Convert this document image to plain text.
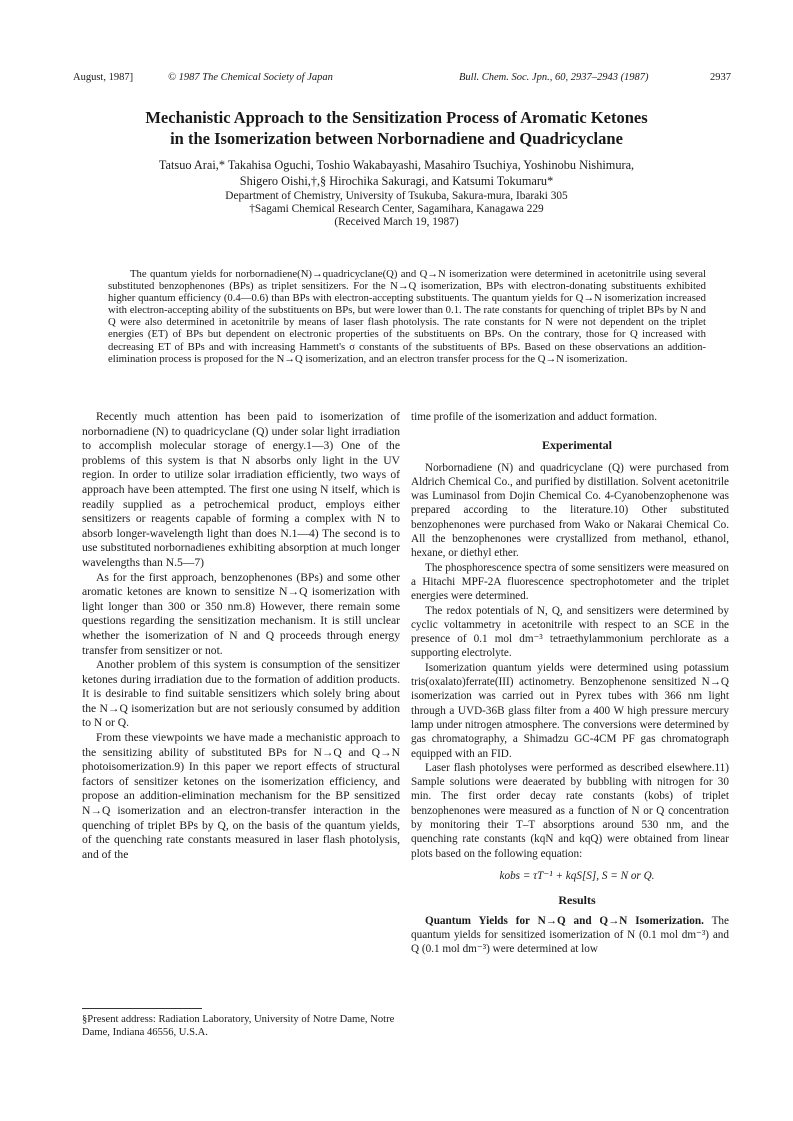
August, 1987]	© 1987 The Chemical Society of Japan	Bull. Chem. Soc. Jpn., 60, 2937–2943 (1987)	2937
Mechanistic Approach to the Sensitization Process of Aromatic Ketones
in the Isomerization between Norbornadiene and Quadricyclane
Tatsuo Arai,* Takahisa Oguchi, Toshio Wakabayashi, Masahiro Tsuchiya, Yoshinobu Nishimura,
Shigero Oishi,†,§ Hirochika Sakuragi, and Katsumi Tokumaru*
Department of Chemistry, University of Tsukuba, Sakura-mura, Ibaraki 305
†Sagami Chemical Research Center, Sagamihara, Kanagawa 229
(Received March 19, 1987)

The quantum yields for norbornadiene(N)→quadricyclane(Q) and Q→N isomerization were determined in acetonitrile using several substituted benzophenones (BPs) as triplet sensitizers. For the N→Q isomerization, BPs with electron-donating substituents exhibited higher quantum efficiency (0.4—0.6) than BPs with electron-accepting substituents. The quantum yields for Q→N isomerization increased with electron-accepting ability of the substituents on BPs, but were lower than 0.1. The rate constants for quenching of triplet BPs by N and Q were also determined in acetonitrile by means of laser flash photolysis. The rate constants for N were not dependent on the triplet energies (ET) of BPs but dependent on electronic properties of the substituents on BPs. On the contrary, those for Q increased with decreasing ET of BPs and with increasing Hammett's σ constants of the substituents of BPs. Based on these observations an addition-elimination process is proposed for the N→Q isomerization, and an electron transfer process for the Q→N isomerization.

Recently much attention has been paid to isomerization of norbornadiene (N) to quadricyclane (Q) under solar light irradiation to accomplish molecular storage of energy.1—3) One of the problems of this system is that N absorbs only light in the UV region. In order to utilize solar irradiation efficiently, two ways of approach have been attempted. The first one using N itself, which is readily supplied as a petrochemical product, employs either sensitizers or reagents capable of forming a complex with N to absorb longer-wavelength light than does N.1—4) The second is to use substituted norbornadienes exhibiting absorption at much longer wavelengths than N.5—7)

As for the first approach, benzophenones (BPs) and some other aromatic ketones are known to sensitize N→Q isomerization with light longer than 300 or 350 nm.8) However, there remain some questions regarding the sensitization mechanism. It is still unclear whether the isomerization of N and Q proceeds through energy transfer from sensitizer or not.

Another problem of this system is consumption of the sensitizer ketones during irradiation due to the formation of addition products. It is desirable to find suitable sensitizers which solely bring about the N→Q isomerization but are not seriously consumed by addition to N or Q.

From these viewpoints we have made a mechanistic approach to the sensitizing ability of substituted BPs for N→Q and Q→N photoisomerization.9) In this paper we report effects of structural factors of sensitizer ketones on the isomerization efficiency, and propose an addition-elimination mechanism for the BP sensitized N→Q isomerization and an electron-transfer interaction in the quenching of triplet BPs by Q, on the basis of the quantum yields, of the quenching rate constants measured in laser flash photolysis, and of the

§Present address: Radiation Laboratory, University of Notre Dame, Notre Dame, Indiana 46556, U.S.A.

time profile of the isomerization and adduct formation.

Experimental

Norbornadiene (N) and quadricyclane (Q) were purchased from Aldrich Chemical Co., and purified by distillation. Solvent acetonitrile was Luminasol from Dojin Chemical Co. 4-Cyanobenzophenone was prepared according to the literature.10) Other substituted benzophenones were purchased from Wako or Nakarai Chemical Co. All the benzophenones were crystallized from methanol, ethanol, hexane, or diethyl ether.

The phosphorescence spectra of some sensitizers were measured on a Hitachi MPF-2A fluorescence spectrophotometer and the triplet energies were determined.

The redox potentials of N, Q, and sensitizers were determined by cyclic voltammetry in acetonitrile with respect to an SCE in the presence of 0.1 mol dm⁻³ tetraethylammonium perchlorate as a supporting electrolyte.

Isomerization quantum yields were determined using potassium tris(oxalato)ferrate(III) actinometry. Benzophenone sensitized N→Q isomerization was carried out in Pyrex tubes with 366 nm light through a UVD-36B glass filter from a 400 W high pressure mercury lamp under nitrogen atmosphere. The conversions were determined by gas chromatography, a Shimadzu GC-4CM PF gas chromatograph equipped with an FID.

Laser flash photolyses were performed as described elsewhere.11) Sample solutions were deaerated by bubbling with nitrogen for 30 min. The first order decay rate constants (kobs) of triplet benzophenones were measured as a function of N or Q concentration by monitoring their T–T absorptions around 530 nm, and the quenching rate constants (kqN and kqQ) were obtained from linear plots based on the following equation:

kobs = τT⁻¹ + kqS[S], S = N or Q.

Results

Quantum Yields for N→Q and Q→N Isomerization. The quantum yields for sensitized isomerization of N (0.1 mol dm⁻³) and Q (0.1 mol dm⁻³) were determined at low
